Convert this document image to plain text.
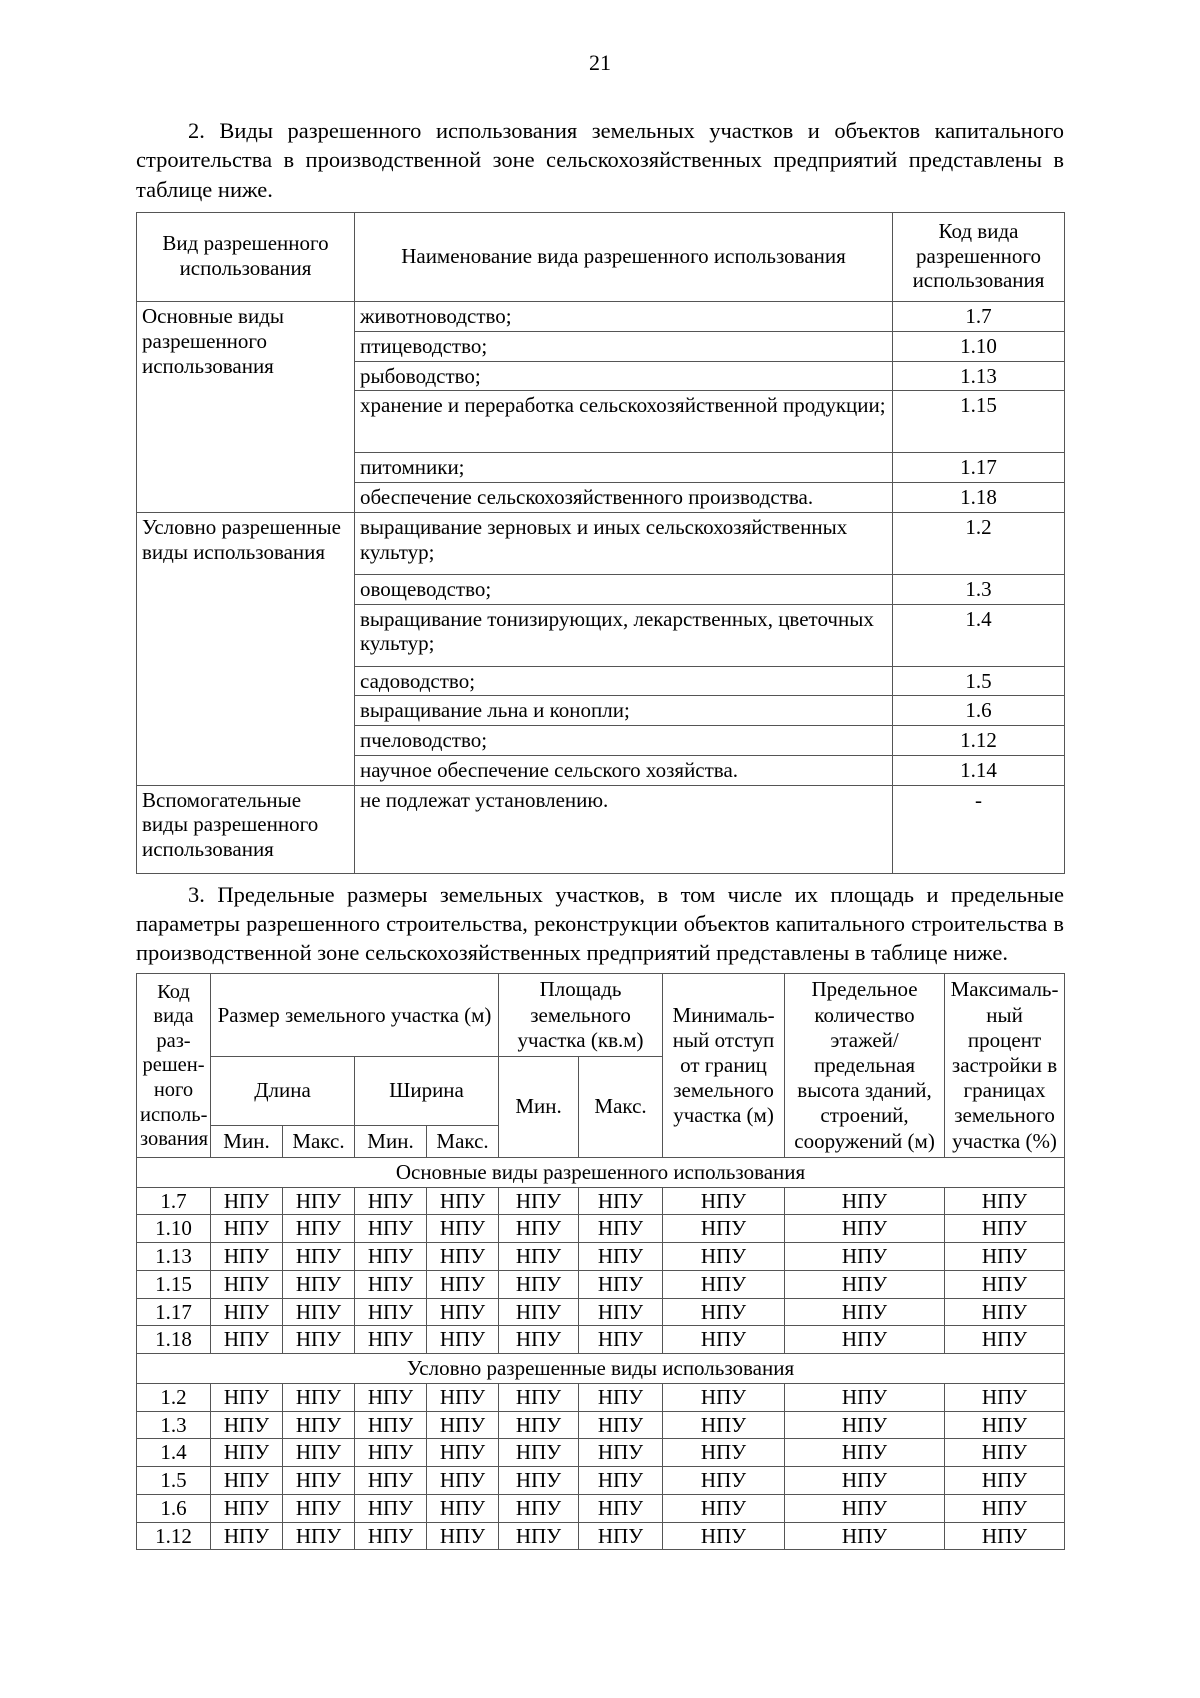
21

2. Виды разрешенного использования земельных участков и объектов капитального строительства в производственной зоне сельскохозяйственных предприятий представлены в таблице ниже.

Вид разрешенного использования	Наименование вида разрешенного использования	Код вида разрешенного использования
Основные виды разрешенного использования	животноводство;	1.7
	птицеводство;	1.10
	рыбоводство;	1.13
	хранение и переработка сельскохозяйственной продукции;	1.15
	питомники;	1.17
	обеспечение сельскохозяйственного производства.	1.18
Условно разрешенные виды использования	выращивание зерновых и иных сельскохозяйственных культур;	1.2
	овощеводство;	1.3
	выращивание тонизирующих, лекарственных, цветочных культур;	1.4
	садоводство;	1.5
	выращивание льна и конопли;	1.6
	пчеловодство;	1.12
	научное обеспечение сельского хозяйства.	1.14
Вспомогательные виды разрешенного использования	не подлежат установлению.	-

3. Предельные размеры земельных участков, в том числе их площадь и предельные параметры разрешенного строительства, реконструкции объектов капитального строительства в производственной зоне сельскохозяйственных предприятий представлены в таблице ниже.

Код вида раз-решен-ного исполь-зования	Размер земельного участка (м)				Площадь земельного участка (кв.м)		Минималь-ный отступ от границ земельного участка (м)	Предельное количество этажей/ предельная высота зданий, строений, сооружений (м)	Максималь-ный процент застройки в границах земельного участка (%)
	Длина		Ширина		Мин.	Макс.			
	Мин.	Макс.	Мин.	Макс.					
Основные виды разрешенного использования									
1.7	НПУ	НПУ	НПУ	НПУ	НПУ	НПУ	НПУ	НПУ	НПУ
1.10	НПУ	НПУ	НПУ	НПУ	НПУ	НПУ	НПУ	НПУ	НПУ
1.13	НПУ	НПУ	НПУ	НПУ	НПУ	НПУ	НПУ	НПУ	НПУ
1.15	НПУ	НПУ	НПУ	НПУ	НПУ	НПУ	НПУ	НПУ	НПУ
1.17	НПУ	НПУ	НПУ	НПУ	НПУ	НПУ	НПУ	НПУ	НПУ
1.18	НПУ	НПУ	НПУ	НПУ	НПУ	НПУ	НПУ	НПУ	НПУ
Условно разрешенные виды использования									
1.2	НПУ	НПУ	НПУ	НПУ	НПУ	НПУ	НПУ	НПУ	НПУ
1.3	НПУ	НПУ	НПУ	НПУ	НПУ	НПУ	НПУ	НПУ	НПУ
1.4	НПУ	НПУ	НПУ	НПУ	НПУ	НПУ	НПУ	НПУ	НПУ
1.5	НПУ	НПУ	НПУ	НПУ	НПУ	НПУ	НПУ	НПУ	НПУ
1.6	НПУ	НПУ	НПУ	НПУ	НПУ	НПУ	НПУ	НПУ	НПУ
1.12	НПУ	НПУ	НПУ	НПУ	НПУ	НПУ	НПУ	НПУ	НПУ
